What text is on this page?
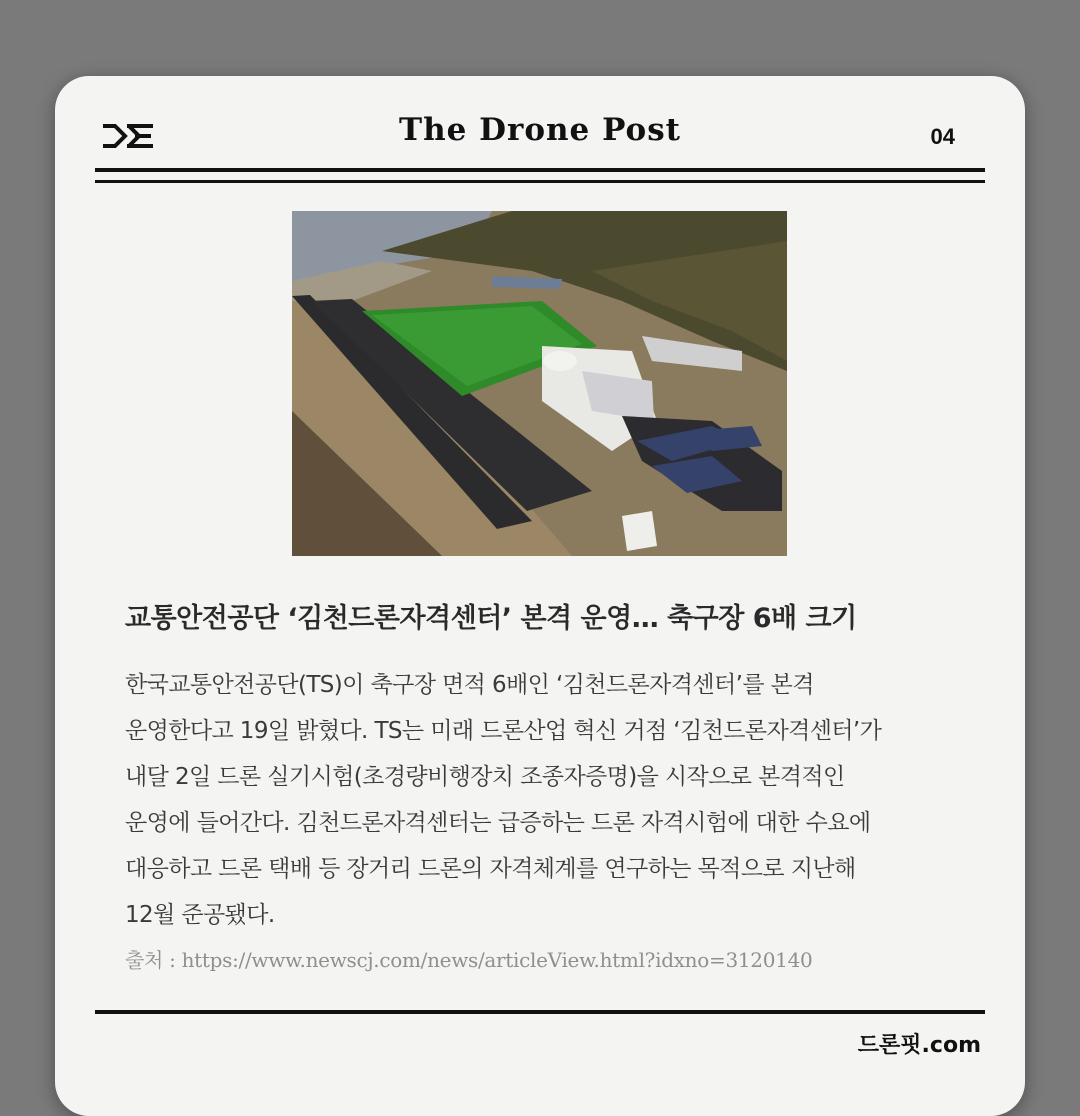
The Drone Post	04
교통안전공단 ‘김천드론자격센터’ 본격 운영… 축구장 6배 크기
한국교통안전공단(TS)이 축구장 면적 6배인 ‘김천드론자격센터’를 본격
운영한다고 19일 밝혔다. TS는 미래 드론산업 혁신 거점 ‘김천드론자격센터’가
내달 2일 드론 실기시험(초경량비행장치 조종자증명)을 시작으로 본격적인
운영에 들어간다. 김천드론자격센터는 급증하는 드론 자격시험에 대한 수요에
대응하고 드론 택배 등 장거리 드론의 자격체계를 연구하는 목적으로 지난해
12월 준공됐다.
출처 : https://www.newscj.com/news/articleView.html?idxno=3120140
드론핏.com
